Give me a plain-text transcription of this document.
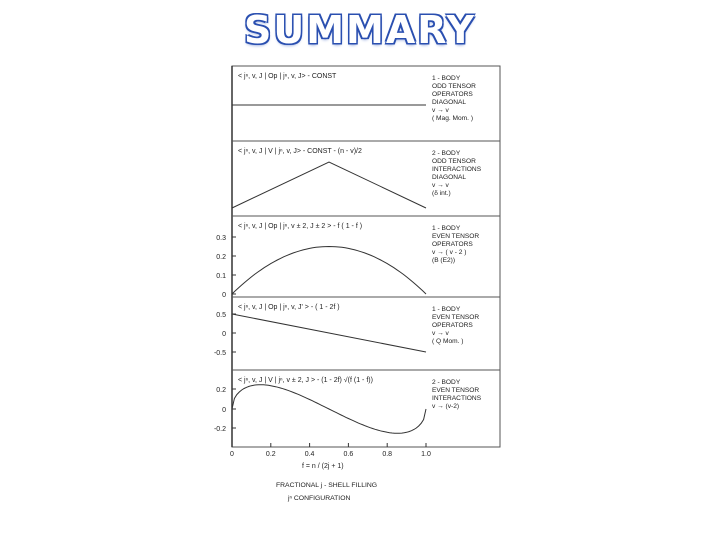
SUMMARY
< jⁿ, v, J | Op | jⁿ, v, J> - CONST	1 - BODY
ODD TENSOR
OPERATORS
DIAGONAL
v → v
( Mag. Mom. )
< jⁿ, v, J | V | jⁿ, v, J> - CONST - (n - v)/2	2 - BODY
ODD TENSOR
INTERACTIONS
DIAGONAL
v → v
(δ int.)
< jⁿ, v, J | Op | jⁿ, v ± 2, J ± 2 > - f ( 1 - f )	1 - BODY
EVEN TENSOR
OPERATORS
v → ( v - 2 )
(B (E2))
0.3
0.2
0.1
0
< jⁿ, v, J | Op | jⁿ, v, J' > - ( 1 - 2f )	1 - BODY
EVEN TENSOR
OPERATORS
v → v
( Q Mom. )
0.5
0
-0.5
< jⁿ, v, J | V | jⁿ, v ± 2, J > - (1 - 2f) √(f (1 - f))	2 - BODY
EVEN TENSOR
INTERACTIONS
v → (v-2)
0.2
0
-0.2
0	0.2	0.4	0.6	0.8	1.0
f = n / (2j + 1)
FRACTIONAL j - SHELL FILLING
jⁿ CONFIGURATION
